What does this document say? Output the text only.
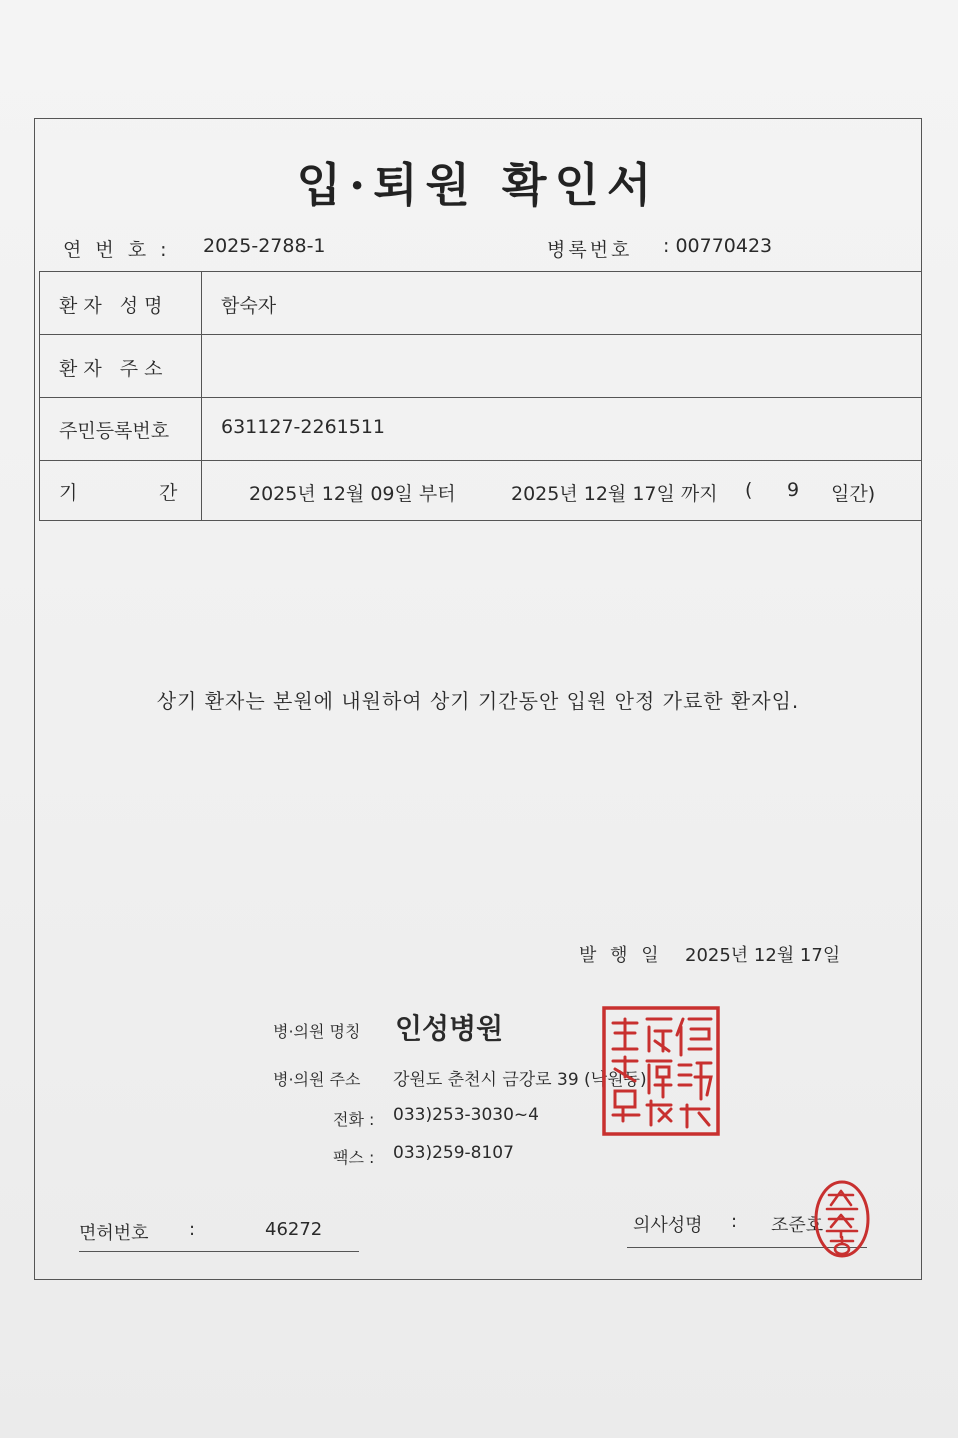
입·퇴원 확인서
연 번 호 : 2025-2788-1	병록번호 : 00770423
환자 성명	함숙자
환자 주소
주민등록번호	631127-2261511
기	간	2025년 12월 09일 부터	2025년 12월 17일 까지 ( 9 일간)
상기 환자는 본원에 내원하여 상기 기간동안 입원 안정 가료한 환자임.
발 행 일 2025년 12월 17일
병·의원 명칭 인성병원
병·의원 주소 강원도 춘천시 금강로 39 (낙원동)
전화 : 033)253-3030~4
팩스 : 033)259-8107
면허번호 :	46272	의사성명 : 조준호
